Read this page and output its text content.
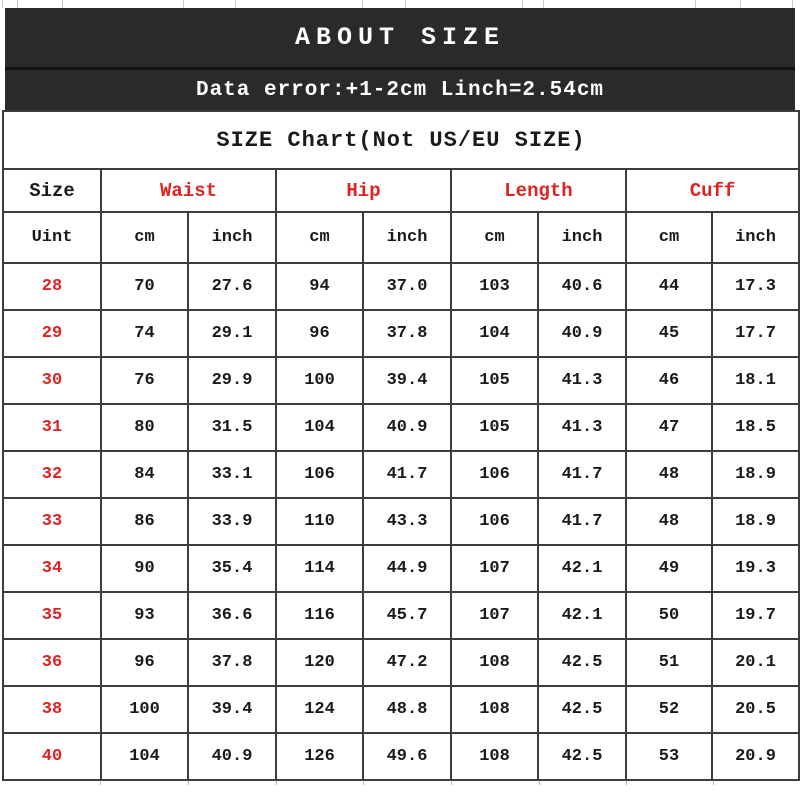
ABOUT SIZE
Data error:+1-2cm Linch=2.54cm
SIZE Chart(Not US/EU SIZE)								
Size	Waist		Hip		Length		Cuff	
Uint	cm	inch	cm	inch	cm	inch	cm	inch
28	70	27.6	94	37.0	103	40.6	44	17.3
29	74	29.1	96	37.8	104	40.9	45	17.7
30	76	29.9	100	39.4	105	41.3	46	18.1
31	80	31.5	104	40.9	105	41.3	47	18.5
32	84	33.1	106	41.7	106	41.7	48	18.9
33	86	33.9	110	43.3	106	41.7	48	18.9
34	90	35.4	114	44.9	107	42.1	49	19.3
35	93	36.6	116	45.7	107	42.1	50	19.7
36	96	37.8	120	47.2	108	42.5	51	20.1
38	100	39.4	124	48.8	108	42.5	52	20.5
40	104	40.9	126	49.6	108	42.5	53	20.9
